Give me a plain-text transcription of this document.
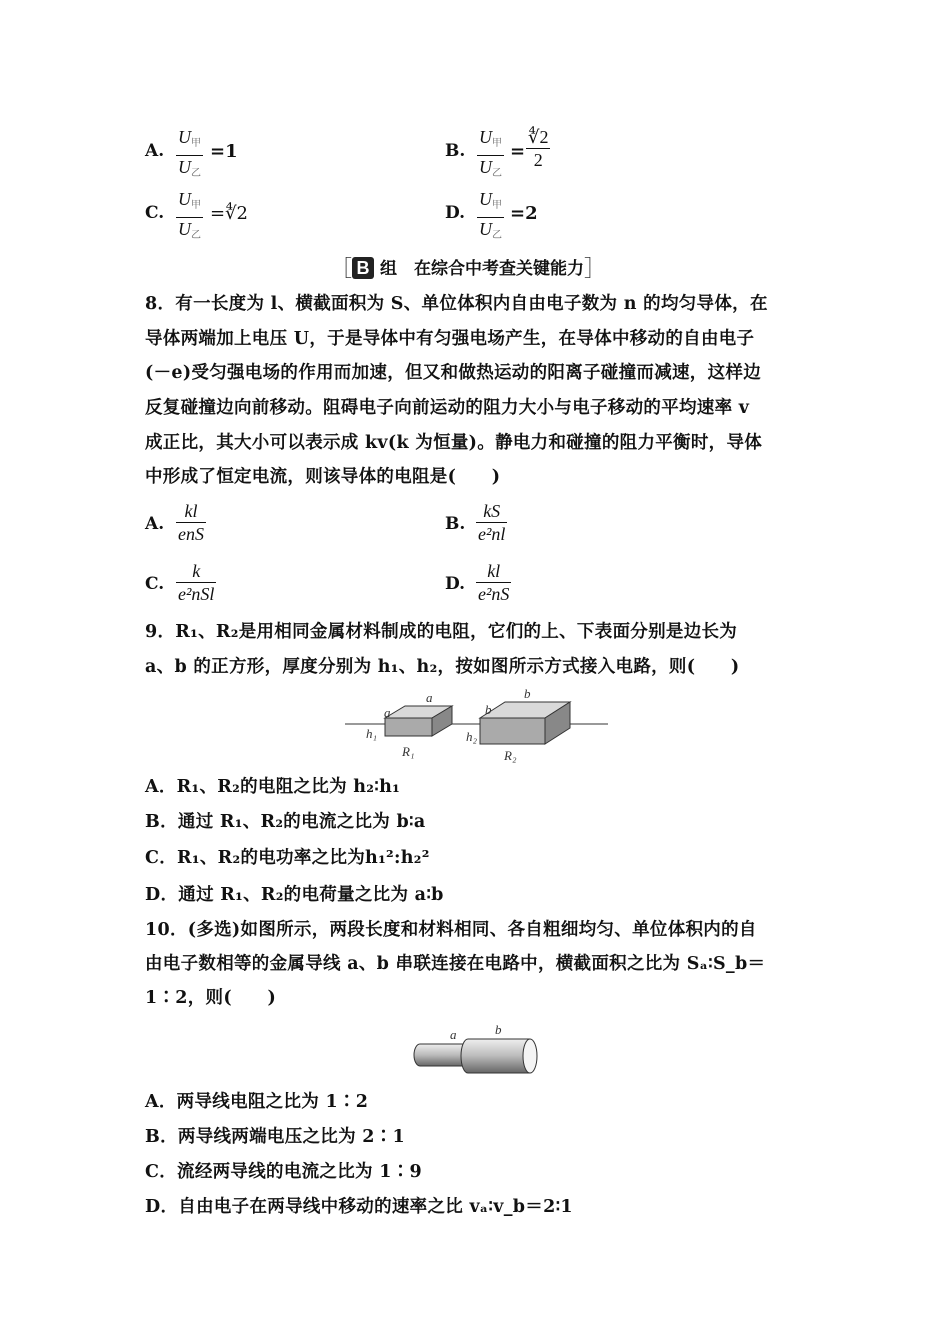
A.
$U_甲$
$U_乙$
=1	B.
$U_甲$
$U_乙$
=
∜2
2
C.
$U_甲$
$U_乙$
=∜2	D.
$U_甲$
$U_乙$
=2
［ B 组　在综合中考查关键能力］
8．有一长度为 l、横截面积为 S、单位体积内自由电子数为 n 的均匀导体，在
导体两端加上电压 U，于是导体中有匀强电场产生，在导体中移动的自由电子
(－e)受匀强电场的作用而加速，但又和做热运动的阳离子碰撞而减速，这样边
反复碰撞边向前移动。阻碍电子向前运动的阻力大小与电子移动的平均速率 v
成正比，其大小可以表示成 kv(k 为恒量)。静电力和碰撞的阻力平衡时，导体
中形成了恒定电流，则该导体的电阻是(　　)
A.
kl
enS	B.
kS
e²nl
C.
k
e²nSl	D.
kl
e²nS
9．R₁、R₂是用相同金属材料制成的电阻，它们的上、下表面分别是边长为
a、b 的正方形，厚度分别为 h₁、h₂，按如图所示方式接入电路，则(　　)
a
a
b
b
h₁	h₂
R₁	R₂
A．R₁、R₂的电阻之比为 h₂∶h₁
B．通过 R₁、R₂的电流之比为 b∶a
C．R₁、R₂的电功率之比为h₁²:h₂²
D．通过 R₁、R₂的电荷量之比为 a∶b
10．(多选)如图所示，两段长度和材料相同、各自粗细均匀、单位体积内的自
由电子数相等的金属导线 a、b 串联连接在电路中，横截面积之比为 Sₐ∶S_b＝
1∶2，则(　　)
a	b
A．两导线电阻之比为 1∶2
B．两导线两端电压之比为 2∶1
C．流经两导线的电流之比为 1∶9
D．自由电子在两导线中移动的速率之比 vₐ∶v_b＝2∶1
